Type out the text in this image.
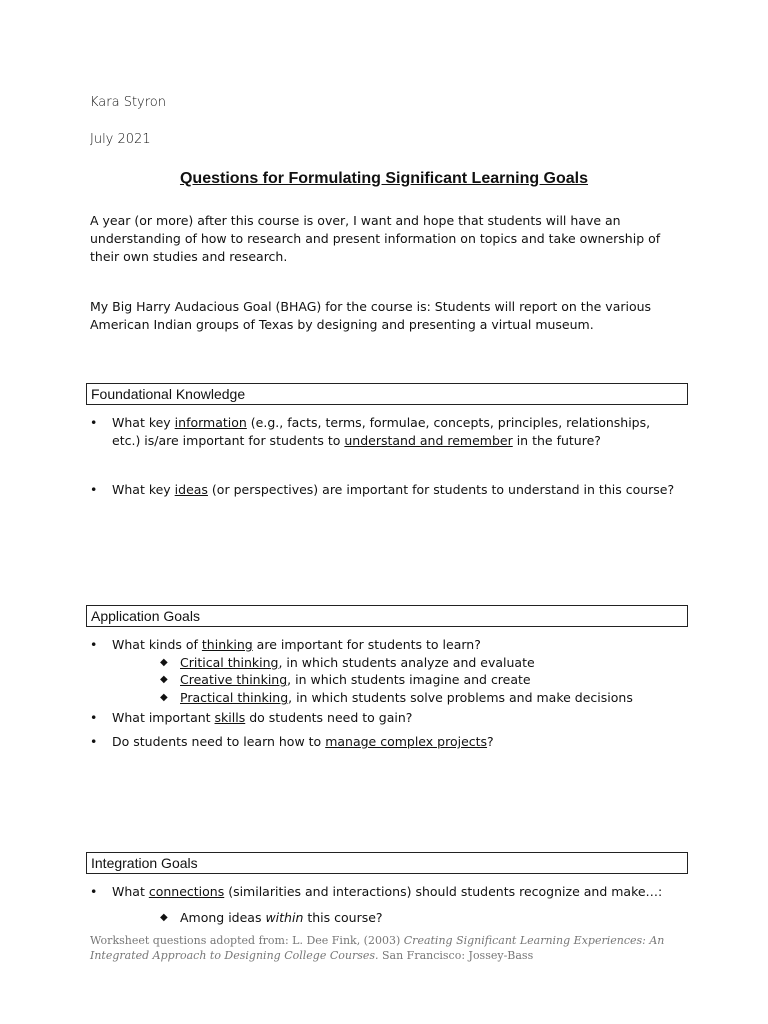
Kara Styron
July 2021
Questions for Formulating Significant Learning Goals
A year (or more) after this course is over, I want and hope that students will have an understanding of how to research and present information on topics and take ownership of their own studies and research.
My Big Harry Audacious Goal (BHAG) for the course is: Students will report on the various American Indian groups of Texas by designing and presenting a virtual museum.
Foundational Knowledge
• What key information (e.g., facts, terms, formulae, concepts, principles, relationships, etc.) is/are important for students to understand and remember in the future?
• What key ideas (or perspectives) are important for students to understand in this course?
Application Goals
• What kinds of thinking are important for students to learn?
◆ Critical thinking, in which students analyze and evaluate
◆ Creative thinking, in which students imagine and create
◆ Practical thinking, in which students solve problems and make decisions
• What important skills do students need to gain?
• Do students need to learn how to manage complex projects?
Integration Goals
• What connections (similarities and interactions) should students recognize and make…:
◆ Among ideas within this course?
Worksheet questions adopted from: L. Dee Fink, (2003) Creating Significant Learning Experiences: An Integrated Approach to Designing College Courses. San Francisco: Jossey-Bass
